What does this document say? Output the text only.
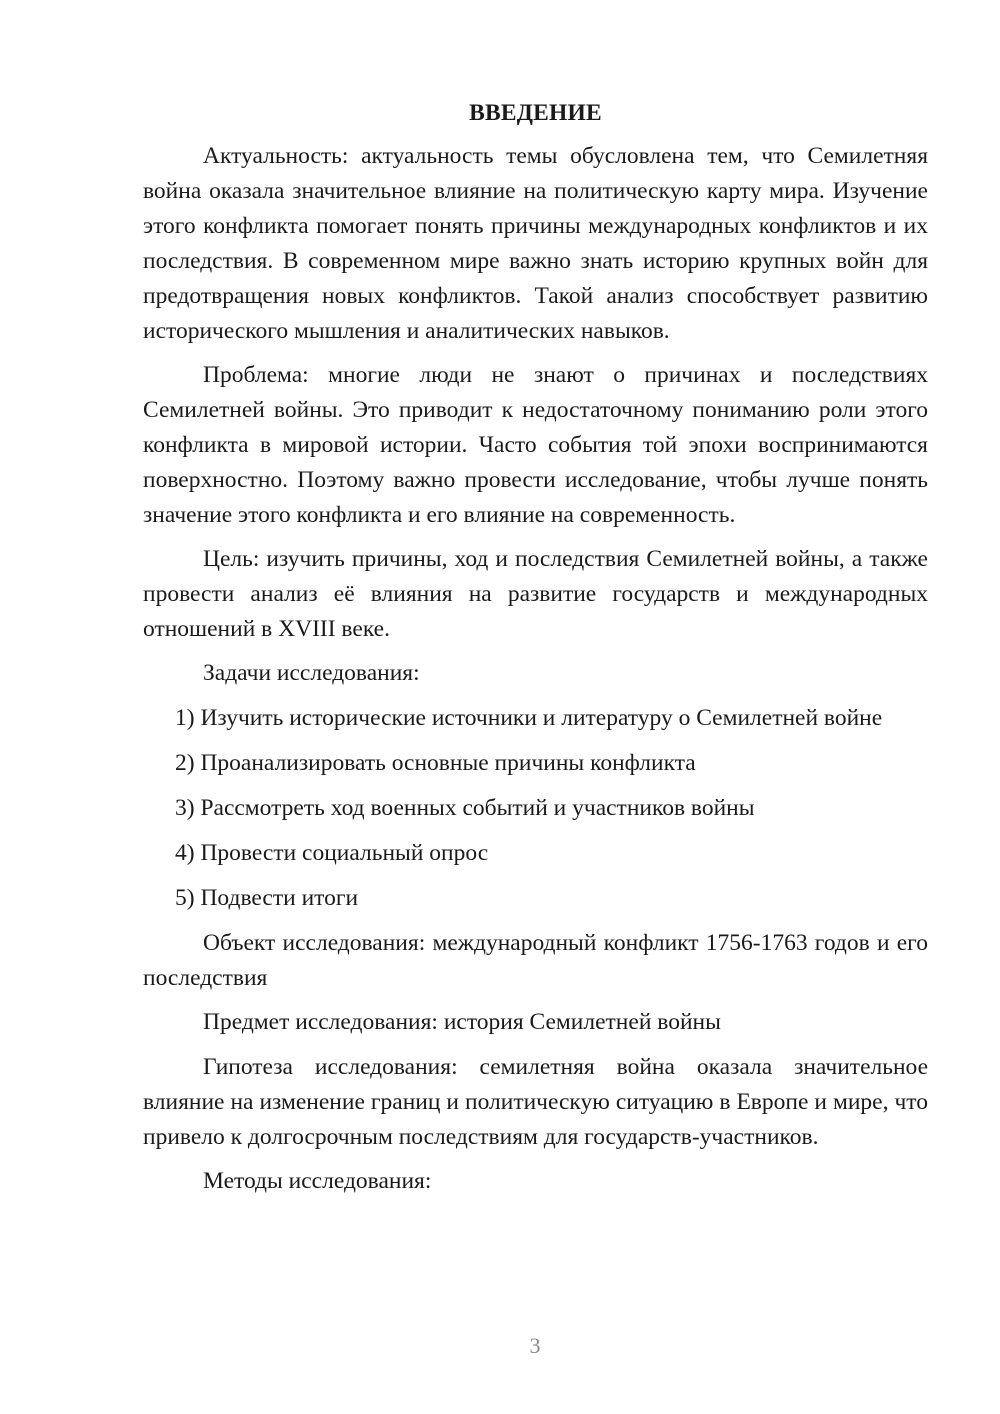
ВВЕДЕНИЕ

Актуальность: актуальность темы обусловлена тем, что Семилетняя война оказала значительное влияние на политическую карту мира. Изучение этого конфликта помогает понять причины международных конфликтов и их последствия. В современном мире важно знать историю крупных войн для предотвращения новых конфликтов. Такой анализ способствует развитию исторического мышления и аналитических навыков.

Проблема: многие люди не знают о причинах и последствиях Семилетней войны. Это приводит к недостаточному пониманию роли этого конфликта в мировой истории. Часто события той эпохи воспринимаются поверхностно. Поэтому важно провести исследование, чтобы лучше понять значение этого конфликта и его влияние на современность.

Цель: изучить причины, ход и последствия Семилетней войны, а также провести анализ её влияния на развитие государств и международных отношений в XVIII веке.

Задачи исследования:

1) Изучить исторические источники и литературу о Семилетней войне
2) Проанализировать основные причины конфликта
3) Рассмотреть ход военных событий и участников войны
4) Провести социальный опрос
5) Подвести итоги

Объект исследования: международный конфликт 1756-1763 годов и его последствия

Предмет исследования: история Семилетней войны

Гипотеза исследования: семилетняя война оказала значительное влияние на изменение границ и политическую ситуацию в Европе и мире, что привело к долгосрочным последствиям для государств-участников.

Методы исследования:

3
